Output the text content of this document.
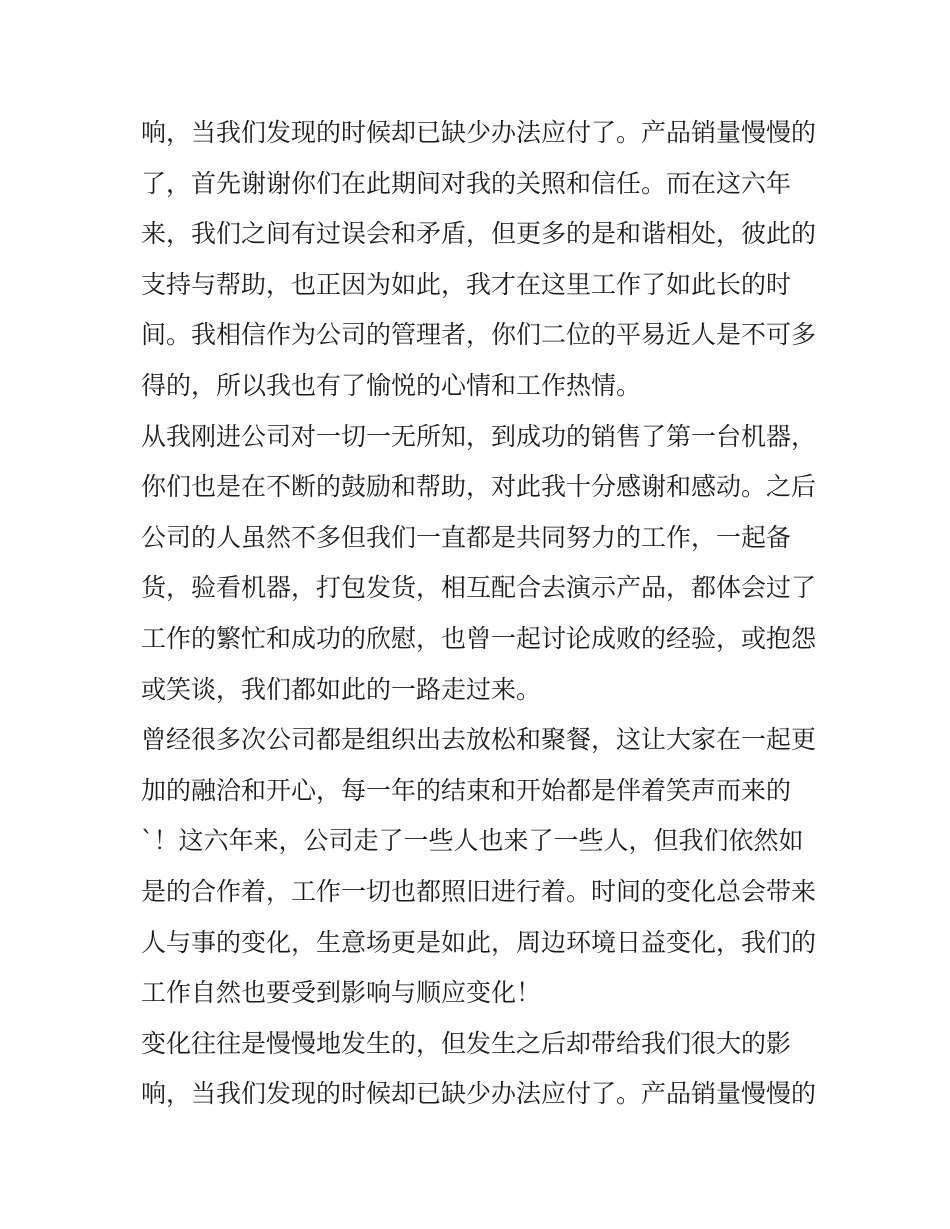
响，当我们发现的时候却已缺少办法应付了。产品销量慢慢的
了，首先谢谢你们在此期间对我的关照和信任。而在这六年
来，我们之间有过误会和矛盾，但更多的是和谐相处，彼此的
支持与帮助，也正因为如此，我才在这里工作了如此长的时
间。我相信作为公司的管理者，你们二位的平易近人是不可多
得的，所以我也有了愉悦的心情和工作热情。
从我刚进公司对一切一无所知，到成功的销售了第一台机器，
你们也是在不断的鼓励和帮助，对此我十分感谢和感动。之后
公司的人虽然不多但我们一直都是共同努力的工作，一起备
货，验看机器，打包发货，相互配合去演示产品，都体会过了
工作的繁忙和成功的欣慰，也曾一起讨论成败的经验，或抱怨
或笑谈，我们都如此的一路走过来。
曾经很多次公司都是组织出去放松和聚餐，这让大家在一起更
加的融洽和开心，每一年的结束和开始都是伴着笑声而来的
`！这六年来，公司走了一些人也来了一些人，但我们依然如
是的合作着，工作一切也都照旧进行着。时间的变化总会带来
人与事的变化，生意场更是如此，周边环境日益变化，我们的
工作自然也要受到影响与顺应变化！
变化往往是慢慢地发生的，但发生之后却带给我们很大的影
响，当我们发现的时候却已缺少办法应付了。产品销量慢慢的
